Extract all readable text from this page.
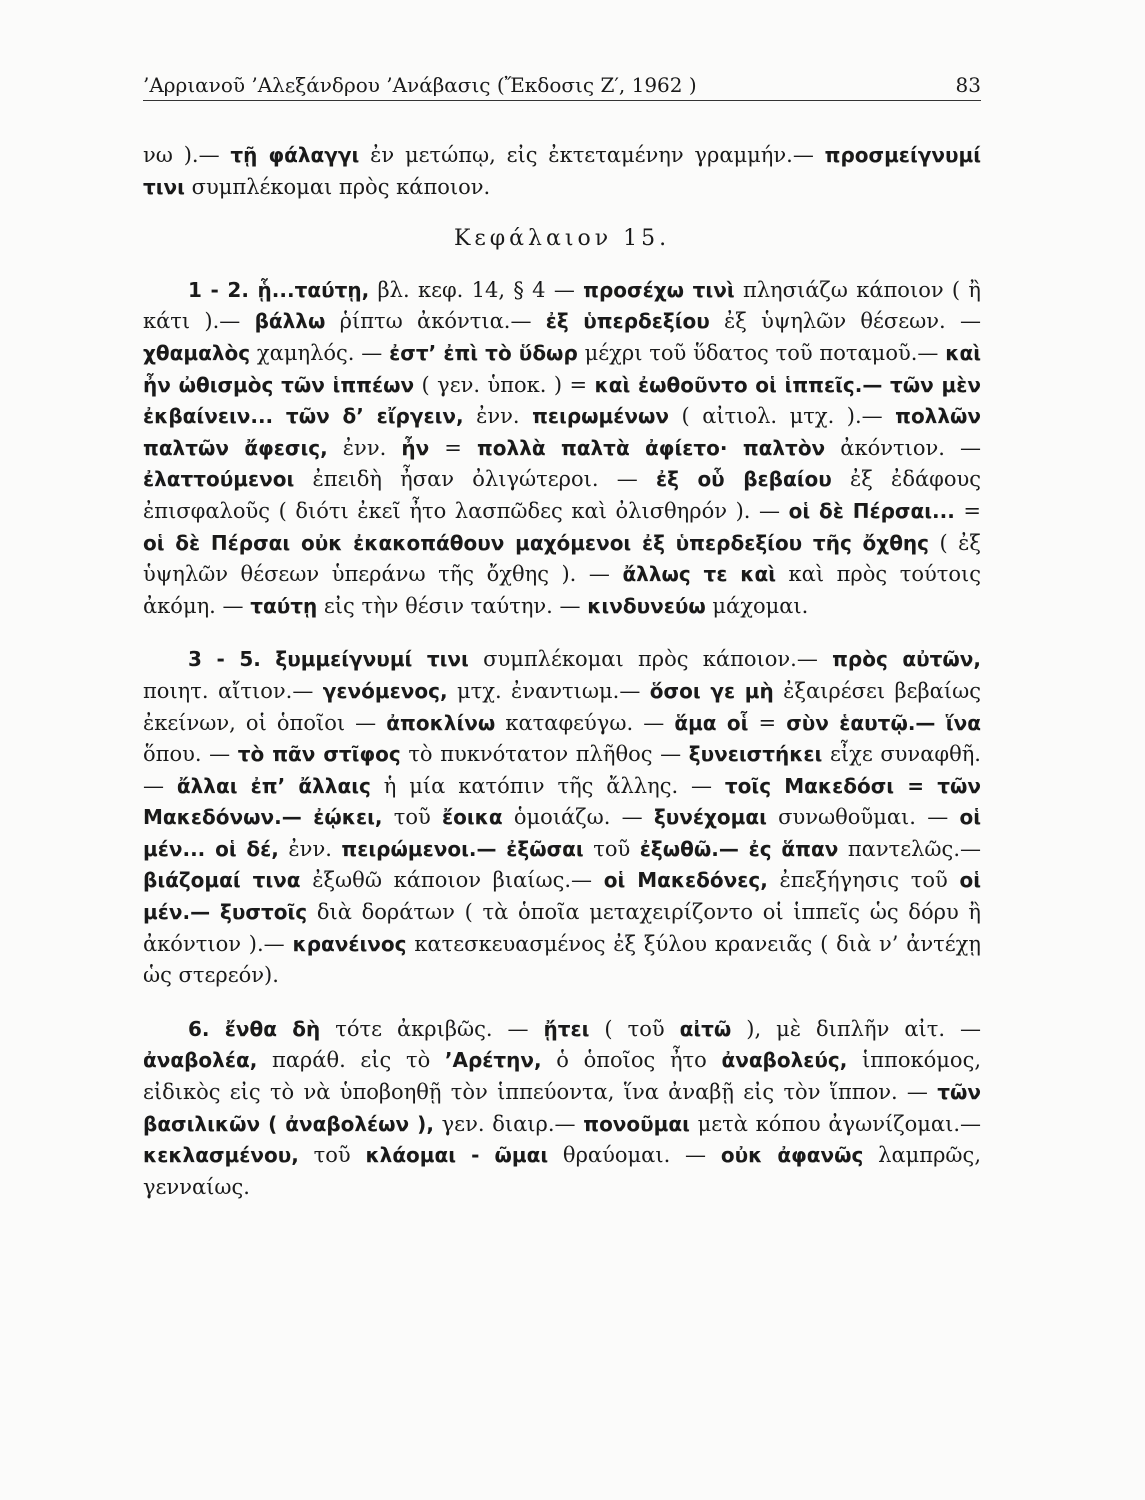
’Αρριανοῦ ’Αλεξάνδρου ’Ανάβασις (Ἔκδοσις Ζ′, 1962 )	83

νω ).— τῇ φάλαγγι ἐν μετώπῳ, εἰς ἐκτεταμένην γραμμήν.— προσμείγνυμί τινι συμπλέκομαι πρὸς κάποιον.

Κεφάλαιον 15.

1 - 2. ᾗ...ταύτῃ, βλ. κεφ. 14, § 4 — προσέχω τινὶ πλησιάζω κάποιον ( ἢ κάτι ).— βάλλω ῥίπτω ἀκόντια.— ἐξ ὑπερδεξίου ἐξ ὑψηλῶν θέσεων. — χθαμαλὸς χαμηλός. — ἐστ’ ἐπὶ τὸ ὕδωρ μέχρι τοῦ ὕδατος τοῦ ποταμοῦ.— καὶ ἦν ὠθισμὸς τῶν ἱππέων ( γεν. ὑποκ. ) = καὶ ἐωθοῦντο οἱ ἱππεῖς.— τῶν μὲν ἐκβαίνειν... τῶν δ’ εἴργειν, ἐνν. πειρωμένων ( αἰτιολ. μτχ. ).— πολλῶν παλτῶν ἄφεσις, ἐνν. ἦν = πολλὰ παλτὰ ἀφίετο· παλτὸν ἀκόντιον. — ἐλαττούμενοι ἐπειδὴ ἦσαν ὀλιγώτεροι. — ἐξ οὗ βεβαίου ἐξ ἐδάφους ἐπισφαλοῦς ( διότι ἐκεῖ ἦτο λασπῶδες καὶ ὀλισθηρόν ). — οἱ δὲ Πέρσαι... = οἱ δὲ Πέρσαι οὐκ ἐκακοπάθουν μαχόμενοι ἐξ ὑπερδεξίου τῆς ὄχθης ( ἐξ ὑψηλῶν θέσεων ὑπεράνω τῆς ὄχθης ). — ἄλλως τε καὶ καὶ πρὸς τούτοις ἀκόμη. — ταύτῃ εἰς τὴν θέσιν ταύτην. — κινδυνεύω μάχομαι.

3 - 5. ξυμμείγνυμί τινι συμπλέκομαι πρὸς κάποιον.— πρὸς αὐτῶν, ποιητ. αἴτιον.— γενόμενος, μτχ. ἐναντιωμ.— ὅσοι γε μὴ ἐξαιρέσει βεβαίως ἐκείνων, οἱ ὁποῖοι — ἀποκλίνω καταφεύγω. — ἅμα οἷ = σὺν ἑαυτῷ.— ἵνα ὅπου. — τὸ πᾶν στῖφος τὸ πυκνότατον πλῆθος — ξυνειστήκει εἶχε συναφθῆ. — ἄλλαι ἐπ’ ἄλλαις ἡ μία κατόπιν τῆς ἄλλης. — τοῖς Μακεδόσι = τῶν Μακεδόνων.— ἐῴκει, τοῦ ἔοικα ὁμοιάζω. — ξυνέχομαι συνωθοῦμαι. — οἱ μέν... οἱ δέ, ἐνν. πειρώμενοι.— ἐξῶσαι τοῦ ἐξωθῶ.— ἐς ἅπαν παντελῶς.— βιάζομαί τινα ἐξωθῶ κάποιον βιαίως.— οἱ Μακεδόνες, ἐπεξήγησις τοῦ οἱ μέν.— ξυστοῖς διὰ δοράτων ( τὰ ὁποῖα μεταχειρίζοντο οἱ ἱππεῖς ὡς δόρυ ἢ ἀκόντιον ).— κρανέινος κατεσκευασμένος ἐξ ξύλου κρανειᾶς ( διὰ ν’ ἀντέχῃ ὡς στερεόν).

6. ἔνθα δὴ τότε ἀκριβῶς. — ᾔτει ( τοῦ αἰτῶ ), μὲ διπλῆν αἰτ. — ἀναβολέα, παράθ. εἰς τὸ ’Αρέτην, ὁ ὁποῖος ἦτο ἀναβολεύς, ἱπποκόμος, εἰδικὸς εἰς τὸ νὰ ὑποβοηθῇ τὸν ἱππεύοντα, ἵνα ἀναβῇ εἰς τὸν ἵππον. — τῶν βασιλικῶν ( ἀναβολέων ), γεν. διαιρ.— πονοῦμαι μετὰ κόπου ἀγωνίζομαι.— κεκλασμένου, τοῦ κλάομαι - ῶμαι θραύομαι. — οὐκ ἀφανῶς λαμπρῶς, γενναίως.
